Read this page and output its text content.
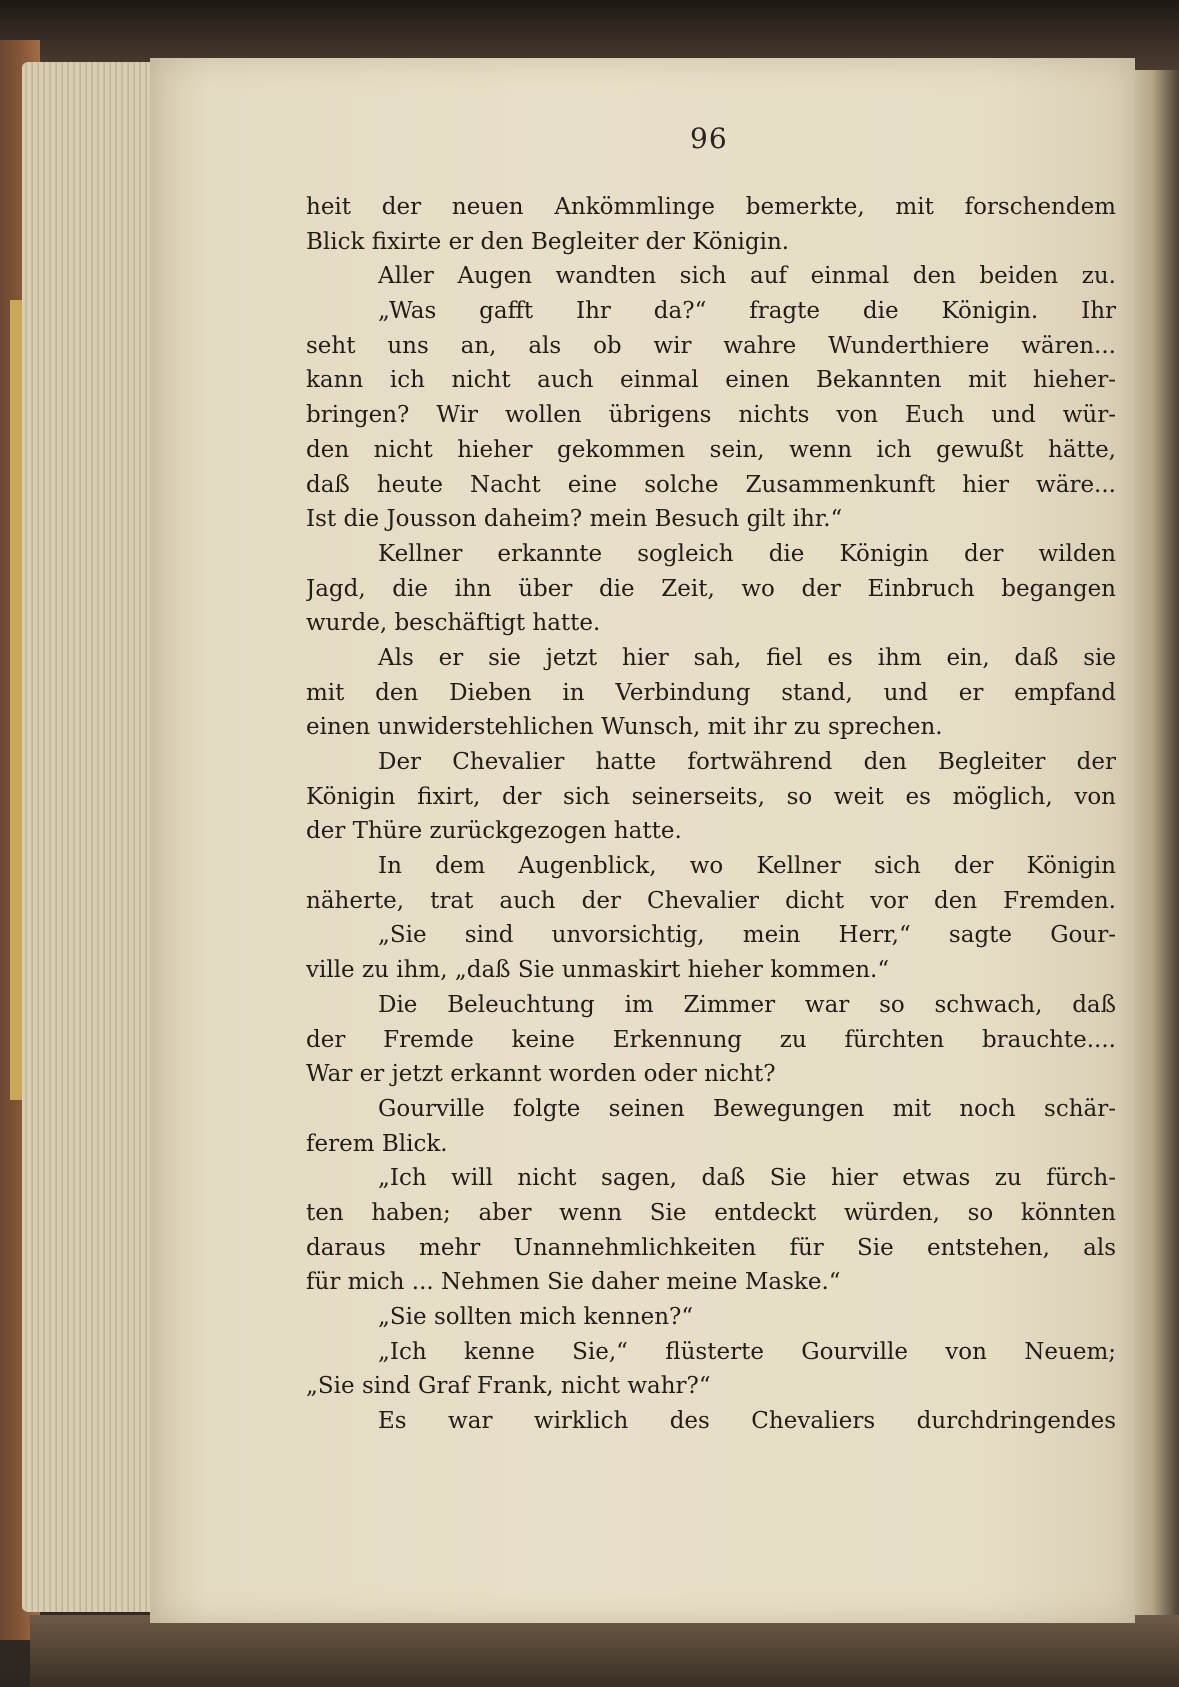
96
heit der neuen Ankömmlinge bemerkte, mit forschendem
Blick fixirte er den Begleiter der Königin.
Aller Augen wandten sich auf einmal den beiden zu.
„Was gafft Ihr da?“ fragte die Königin. Ihr
seht uns an, als ob wir wahre Wunderthiere wären...
kann ich nicht auch einmal einen Bekannten mit hieher-
bringen? Wir wollen übrigens nichts von Euch und wür-
den nicht hieher gekommen sein, wenn ich gewußt hätte,
daß heute Nacht eine solche Zusammenkunft hier wäre...
Ist die Jousson daheim? mein Besuch gilt ihr.“
Kellner erkannte sogleich die Königin der wilden
Jagd, die ihn über die Zeit, wo der Einbruch begangen
wurde, beschäftigt hatte.
Als er sie jetzt hier sah, fiel es ihm ein, daß sie
mit den Dieben in Verbindung stand, und er empfand
einen unwiderstehlichen Wunsch, mit ihr zu sprechen.
Der Chevalier hatte fortwährend den Begleiter der
Königin fixirt, der sich seinerseits, so weit es möglich, von
der Thüre zurückgezogen hatte.
In dem Augenblick, wo Kellner sich der Königin
näherte, trat auch der Chevalier dicht vor den Fremden.
„Sie sind unvorsichtig, mein Herr,“ sagte Gour-
ville zu ihm, „daß Sie unmaskirt hieher kommen.“
Die Beleuchtung im Zimmer war so schwach, daß
der Fremde keine Erkennung zu fürchten brauchte....
War er jetzt erkannt worden oder nicht?
Gourville folgte seinen Bewegungen mit noch schär-
ferem Blick.
„Ich will nicht sagen, daß Sie hier etwas zu fürch-
ten haben; aber wenn Sie entdeckt würden, so könnten
daraus mehr Unannehmlichkeiten für Sie entstehen, als
für mich ... Nehmen Sie daher meine Maske.“
„Sie sollten mich kennen?“
„Ich kenne Sie,“ flüsterte Gourville von Neuem;
„Sie sind Graf Frank, nicht wahr?“
Es war wirklich des Chevaliers durchdringendes
